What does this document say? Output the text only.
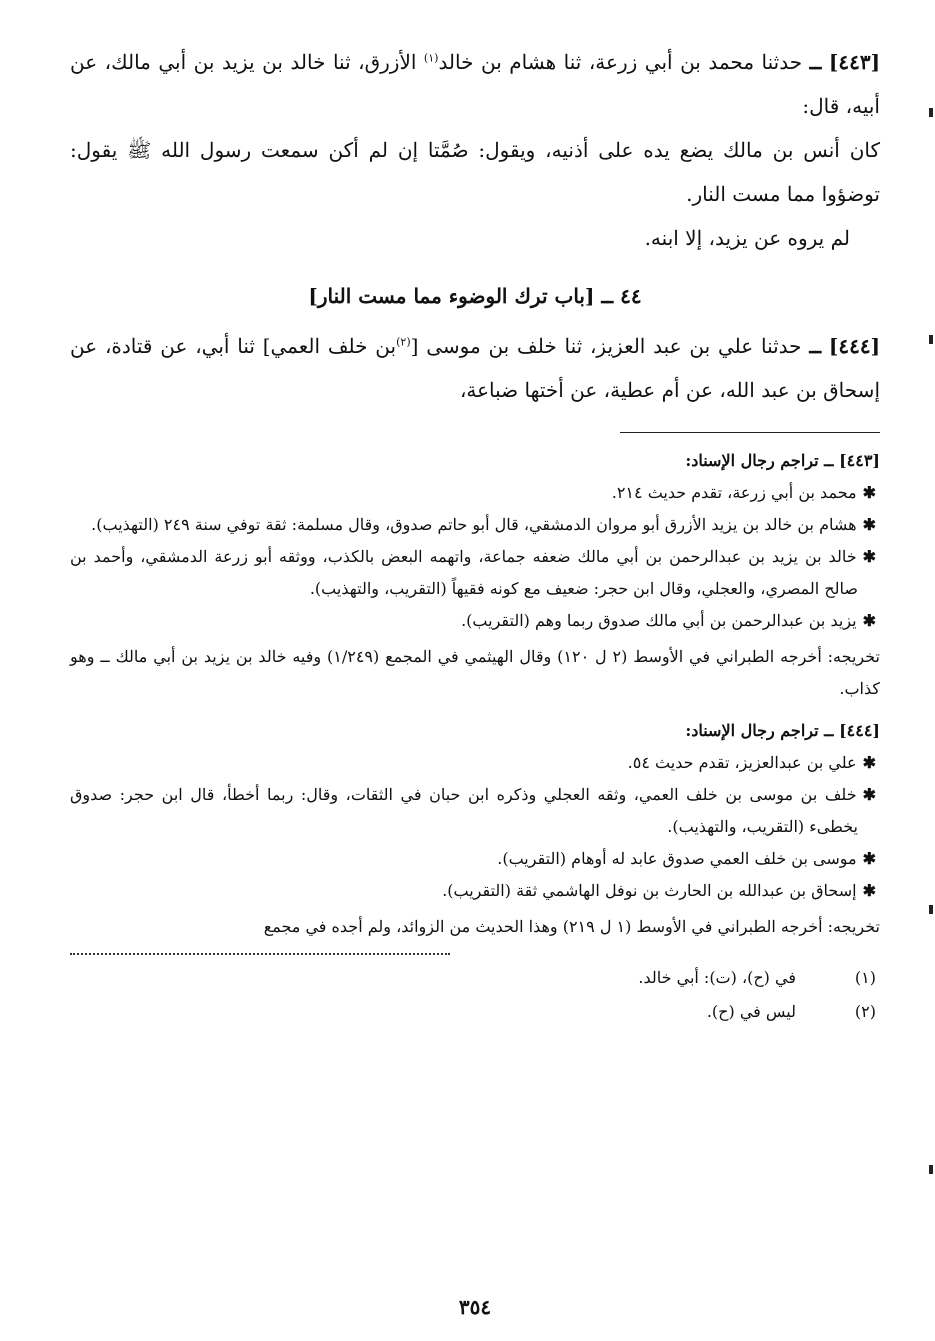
[٤٤٣] ــ حدثنا محمد بن أبي زرعة، ثنا هشام بن خالد$^{(١)}$ الأزرق، ثنا خالد بن يزيد بن أبي مالك، عن أبيه، قال:

كان أنس بن مالك يضع يده على أذنيه، ويقول: صُمَّتا إن لم أكن سمعت رسول الله ﷺ يقول: توضؤوا مما مست النار.

لم يروه عن يزيد، إلا ابنه.

٤٤ ــ [باب ترك الوضوء مما مست النار]

[٤٤٤] ــ حدثنا علي بن عبد العزيز، ثنا خلف بن موسى [$^{(٢)}$بن خلف العمي] ثنا أبي، عن قتادة، عن إسحاق بن عبد الله، عن أم عطية، عن أختها ضباعة،

[٤٤٣] ــ تراجم رجال الإسناد:

✱محمد بن أبي زرعة، تقدم حديث ٢١٤.

✱هشام بن خالد بن يزيد الأزرق أبو مروان الدمشقي، قال أبو حاتم صدوق، وقال مسلمة: ثقة توفي سنة ٢٤٩ (التهذيب).

✱خالد بن يزيد بن عبدالرحمن بن أبي مالك ضعفه جماعة، واتهمه البعض بالكذب، ووثقه أبو زرعة الدمشقي، وأحمد بن صالح المصري، والعجلي، وقال ابن حجر: ضعيف مع كونه فقيهاً (التقريب، والتهذيب).

✱يزيد بن عبدالرحمن بن أبي مالك صدوق ربما وهم (التقريب).

تخريجه: أخرجه الطبراني في الأوسط (٢ ل ١٢٠) وقال الهيثمي في المجمع (١/٢٤٩) وفيه خالد بن يزيد بن أبي مالك ــ وهو كذاب.

[٤٤٤] ــ تراجم رجال الإسناد:

✱علي بن عبدالعزيز، تقدم حديث ٥٤.

✱خلف بن موسى بن خلف العمي، وثقه العجلي وذكره ابن حبان في الثقات، وقال: ربما أخطأ، قال ابن حجر: صدوق يخطىء (التقريب، والتهذيب).

✱موسى بن خلف العمي صدوق عابد له أوهام (التقريب).

✱إسحاق بن عبدالله بن الحارث بن نوفل الهاشمي ثقة (التقريب).

تخريجه: أخرجه الطبراني في الأوسط (١ ل ٢١٩) وهذا الحديث من الزوائد، ولم أجده في مجمع

(١)
في (ح)، (ت): أبي خالد.
(٢)
ليس في (ح).
٣٥٤
